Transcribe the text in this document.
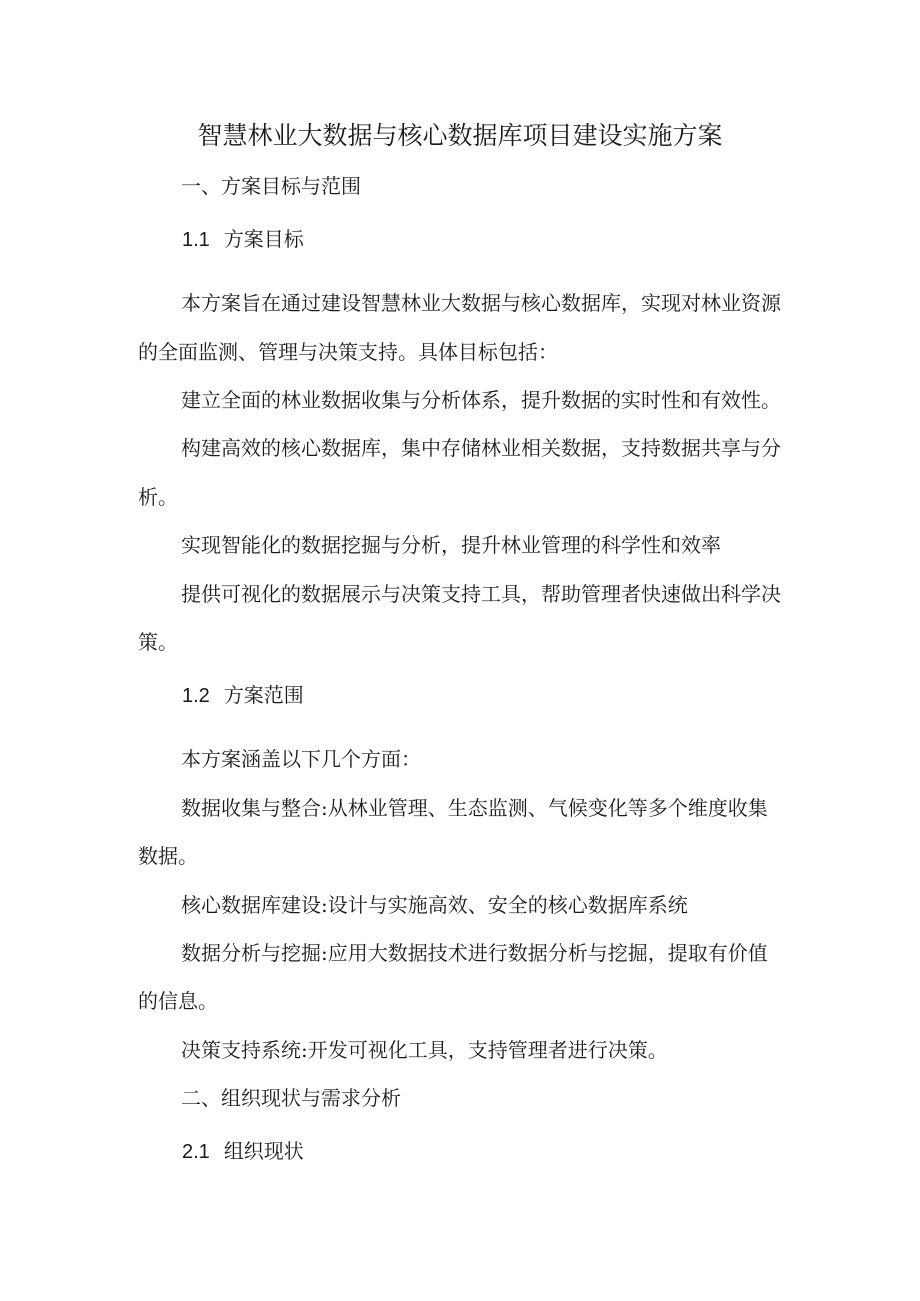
智慧林业大数据与核心数据库项目建设实施方案
一、方案目标与范围
1.1 方案目标
本方案旨在通过建设智慧林业大数据与核心数据库，实现对林业资源
的全面监测、管理与决策支持。具体目标包括：
建立全面的林业数据收集与分析体系，提升数据的实时性和有效性。
构建高效的核心数据库，集中存储林业相关数据，支持数据共享与分
析。
实现智能化的数据挖掘与分析，提升林业管理的科学性和效率
提供可视化的数据展示与决策支持工具，帮助管理者快速做出科学决
策。
1.2 方案范围
本方案涵盖以下几个方面：
数据收集与整合:从林业管理、生态监测、气候变化等多个维度收集
数据。
核心数据库建设:设计与实施高效、安全的核心数据库系统
数据分析与挖掘:应用大数据技术进行数据分析与挖掘，提取有价值
的信息。
决策支持系统:开发可视化工具，支持管理者进行决策。
二、组织现状与需求分析
2.1 组织现状
